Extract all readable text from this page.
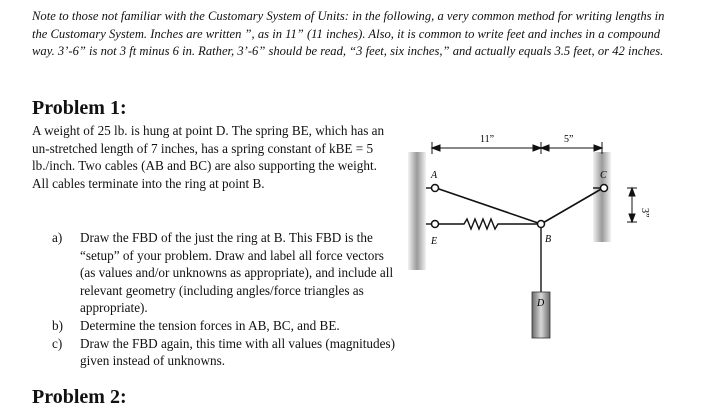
Note to those not familiar with the Customary System of Units: in the following, a very common method for writing lengths in the Customary System. Inches are written ”, as in 11” (11 inches). Also, it is common to write feet and inches in a compound way. 3’-6” is not 3 ft minus 6 in. Rather, 3’-6” should be read, “3 feet, six inches,” and actually equals 3.5 feet, or 42 inches.
Problem 1:
A weight of 25 lb. is hung at point D. The spring BE, which has an un-stretched length of 7 inches, has a spring constant of kBE = 5 lb./inch. Two cables (AB and BC) are also supporting the weight. All cables terminate into the ring at point B.
a)	Draw the FBD of the just the ring at B. This FBD is the “setup” of your problem. Draw and label all force vectors (as values and/or unknowns as appropriate), and include all relevant geometry (including angles/force triangles as appropriate).
b)	Determine the tension forces in AB, BC, and BE.
c)	Draw the FBD again, this time with all values (magnitudes) given instead of unknowns.
Problem 2:
11”	5”
3”
A
B
C
D
E
